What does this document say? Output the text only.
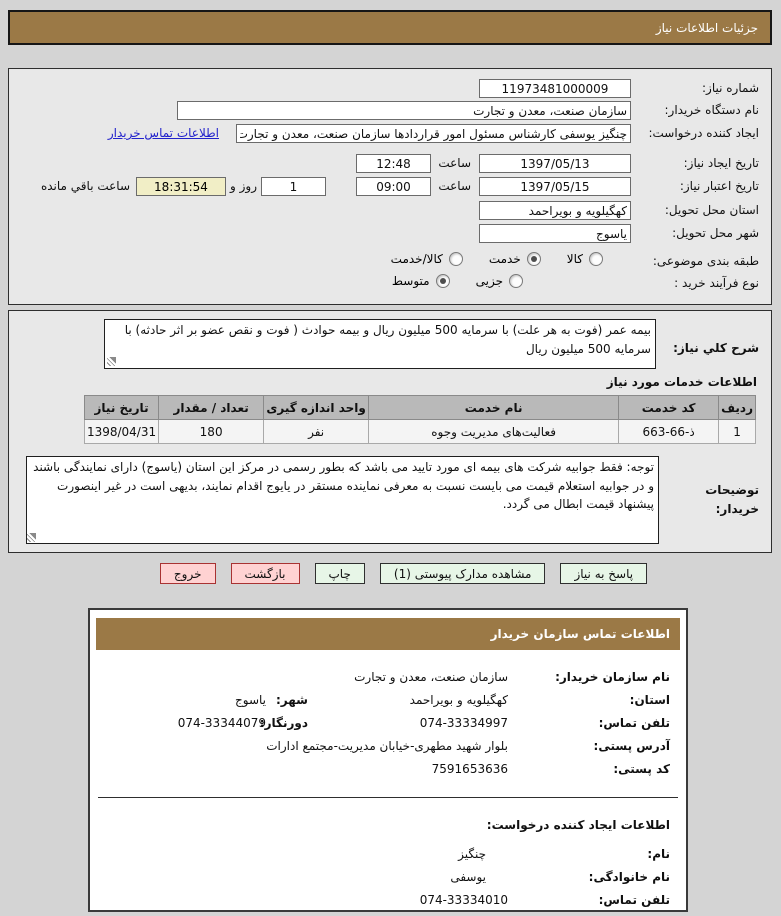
جزئیات اطلاعات نیاز
شماره نیاز:
11973481000009
نام دستگاه خریدار:
سازمان صنعت، معدن و تجارت
ایجاد کننده درخواست:
چنگیز یوسفی کارشناس مسئول امور قراردادها سازمان صنعت، معدن و تجارت
اطلاعات تماس خریدار
تاریخ ایجاد نیاز:
1397/05/13
ساعت
12:48
تاریخ اعتبار نیاز:
1397/05/15
ساعت
09:00
1
روز و
18:31:54
ساعت باقي مانده
استان محل تحویل:
کهگیلویه و بویراحمد
شهر محل تحویل:
یاسوج
طبقه بندی موضوعی:
کالا
خدمت
کالا/خدمت
نوع فرآیند خرید :
جزیی
متوسط
شرح کلي نیاز:
بیمه عمر (فوت به هر علت) با سرمایه 500 میلیون ریال و بیمه حوادث ( فوت و نقص عضو بر اثر حادثه) با سرمایه 500 میلیون ریال
اطلاعات خدمات مورد نیاز
ردیف	کد خدمت	نام خدمت	واحد اندازه گیری	تعداد / مقدار	تاریخ نیاز
1	ذ-66-663	فعالیت‌های مدیریت وجوه	نفر	180	1398/04/31
توضیحات خریدار:
توجه: فقط جوابیه شرکت های بیمه ای مورد تایید می باشد که بطور رسمی در مرکز این استان (یاسوج) دارای نمایندگی باشند و در جوابیه استعلام قیمت می بایست نسبت به معرفی نماینده مستقر در یایوج اقدام نمایند، بدیهی است در غیر اینصورت پیشنهاد قیمت ابطال می گردد.
پاسخ به نیاز
مشاهده مدارک پیوستی (1)
چاپ
بازگشت
خروج
اطلاعات تماس سازمان خریدار
نام سازمان خریدار:
سازمان صنعت، معدن و تجارت
استان:
کهگیلویه و بویراحمد
شهر:
یاسوج
تلفن تماس:
074-33334997
دورنگار:
074-33344079
آدرس پستی:
بلوار شهید مطهری-خیابان مدیریت-مجتمع ادارات
کد پستی:
7591653636
اطلاعات ایجاد کننده درخواست:
نام:
چنگیز
نام خانوادگی:
یوسفی
تلفن تماس:
074-33334010
